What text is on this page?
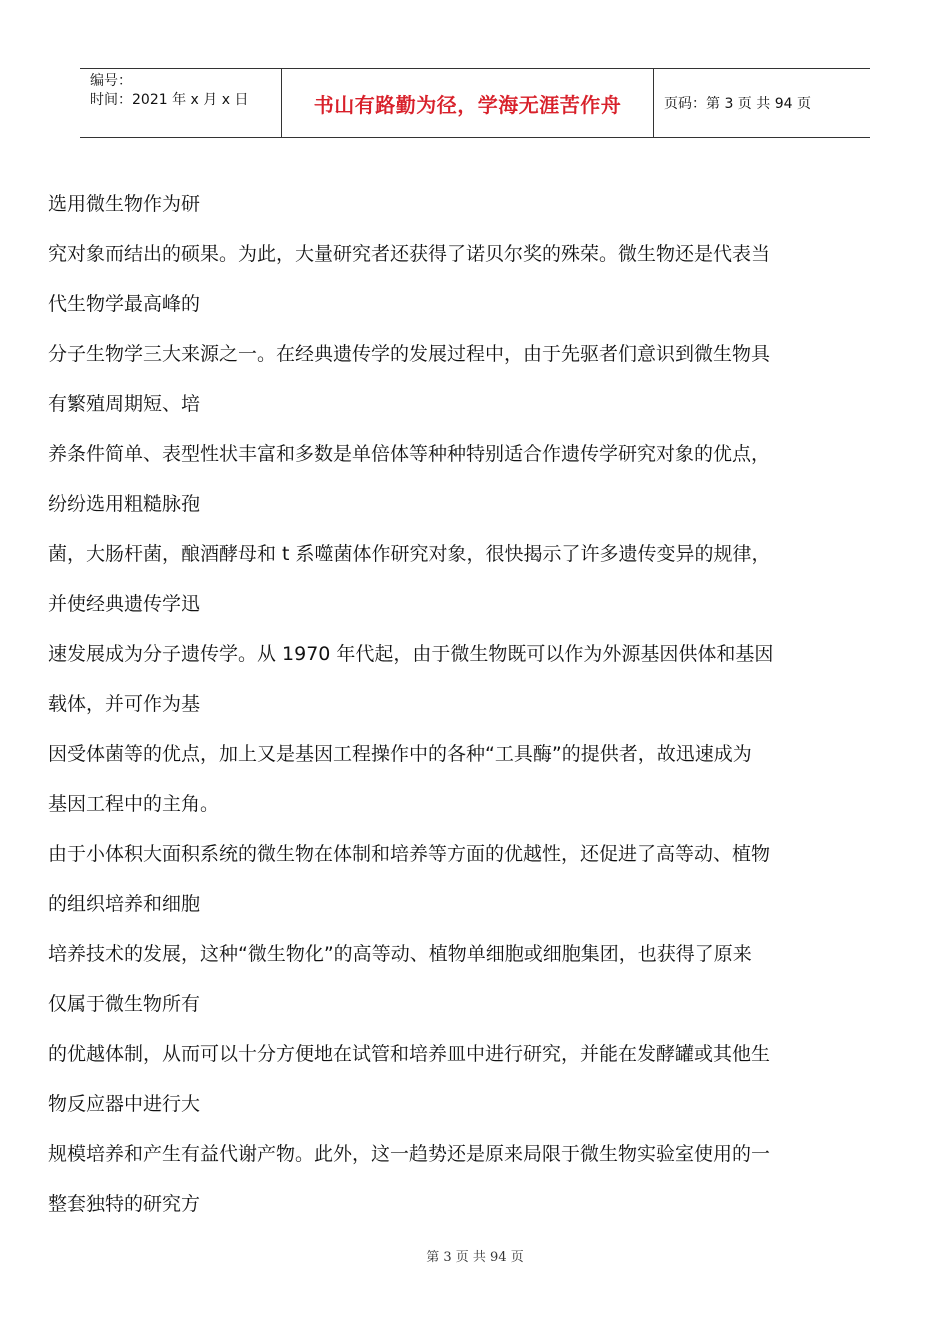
编号：
时间：2021 年 x 月 x 日	书山有路勤为径，学海无涯苦作舟	页码：第 3 页 共 94 页
选用微生物作为研
究对象而结出的硕果。为此，大量研究者还获得了诺贝尔奖的殊荣。微生物还是代表当
代生物学最高峰的
分子生物学三大来源之一。在经典遗传学的发展过程中，由于先驱者们意识到微生物具
有繁殖周期短、培
养条件简单、表型性状丰富和多数是单倍体等种种特别适合作遗传学研究对象的优点，
纷纷选用粗糙脉孢
菌，大肠杆菌，酿酒酵母和 t 系噬菌体作研究对象，很快揭示了许多遗传变异的规律，
并使经典遗传学迅
速发展成为分子遗传学。从 1970 年代起，由于微生物既可以作为外源基因供体和基因
载体，并可作为基
因受体菌等的优点，加上又是基因工程操作中的各种“工具酶”的提供者，故迅速成为
基因工程中的主角。
由于小体积大面积系统的微生物在体制和培养等方面的优越性，还促进了高等动、植物
的组织培养和细胞
培养技术的发展，这种“微生物化”的高等动、植物单细胞或细胞集团，也获得了原来
仅属于微生物所有
的优越体制，从而可以十分方便地在试管和培养皿中进行研究，并能在发酵罐或其他生
物反应器中进行大
规模培养和产生有益代谢产物。此外，这一趋势还是原来局限于微生物实验室使用的一
整套独特的研究方
第 3 页 共 94 页
